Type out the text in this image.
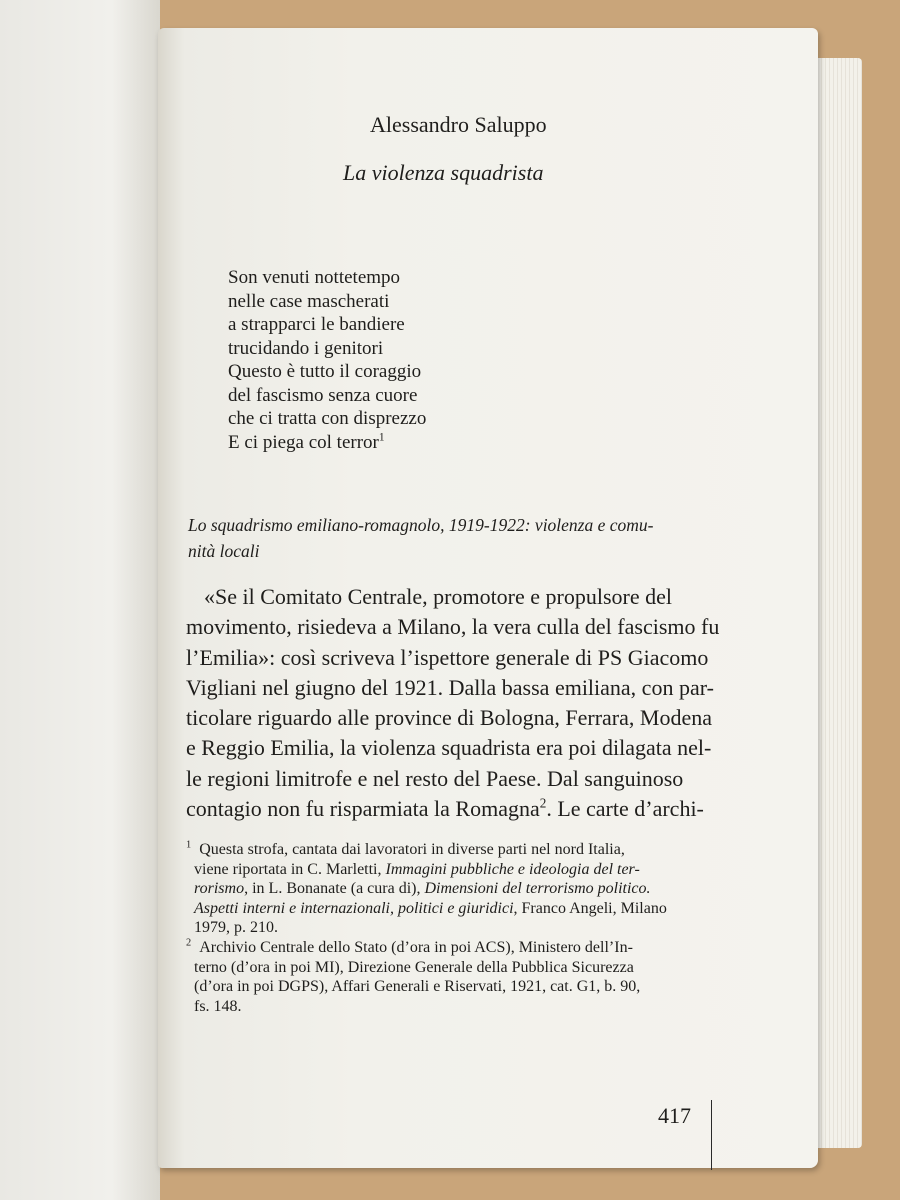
Alessandro Saluppo
La violenza squadrista
Son venuti nottetempo
nelle case mascherati
a strapparci le bandiere
trucidando i genitori
Questo è tutto il coraggio
del fascismo senza cuore
che ci tratta con disprezzo
E ci piega col terror$^1$
Lo squadrismo emiliano-romagnolo, 1919-1922: violenza e comu-
nità locali
«Se il Comitato Centrale, promotore e propulsore del
movimento, risiedeva a Milano, la vera culla del fascismo fu
l’Emilia»: così scriveva l’ispettore generale di PS Giacomo
Vigliani nel giugno del 1921. Dalla bassa emiliana, con par-
ticolare riguardo alle province di Bologna, Ferrara, Modena
e Reggio Emilia, la violenza squadrista era poi dilagata nel-
le regioni limitrofe e nel resto del Paese. Dal sanguinoso
contagio non fu risparmiata la Romagna$^2$. Le carte d’archi-
$^1$ Questa strofa, cantata dai lavoratori in diverse parti nel nord Italia,
viene riportata in C. Marletti, Immagini pubbliche e ideologia del ter-
rorismo, in L. Bonanate (a cura di), Dimensioni del terrorismo politico.
Aspetti interni e internazionali, politici e giuridici, Franco Angeli, Milano
1979, p. 210.
$^2$ Archivio Centrale dello Stato (d’ora in poi ACS), Ministero dell’In-
terno (d’ora in poi MI), Direzione Generale della Pubblica Sicurezza
(d’ora in poi DGPS), Affari Generali e Riservati, 1921, cat. G1, b. 90,
fs. 148.
417
